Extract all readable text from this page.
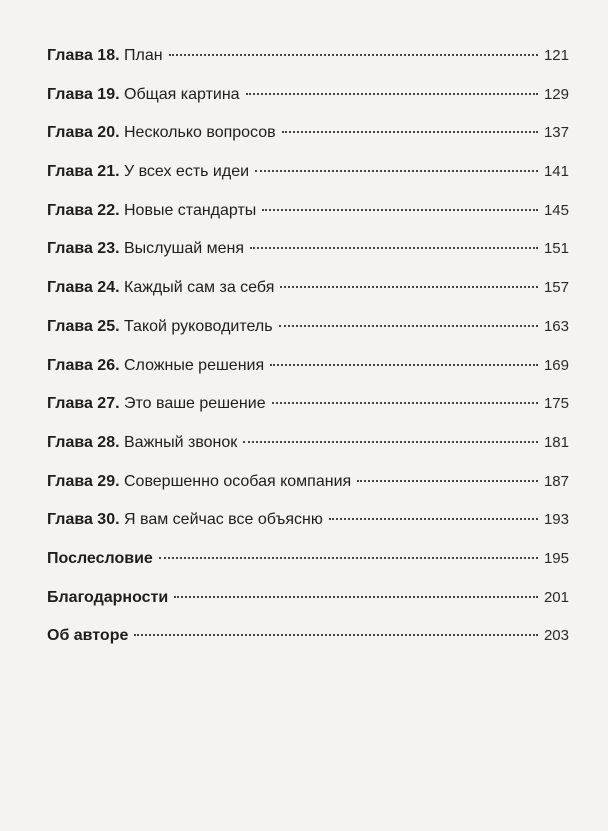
Глава 18. План	121
Глава 19. Общая картина	129
Глава 20. Несколько вопросов	137
Глава 21. У всех есть идеи	141
Глава 22. Новые стандарты	145
Глава 23. Выслушай меня	151
Глава 24. Каждый сам за себя	157
Глава 25. Такой руководитель	163
Глава 26. Сложные решения	169
Глава 27. Это ваше решение	175
Глава 28. Важный звонок	181
Глава 29. Совершенно особая компания	187
Глава 30. Я вам сейчас все объясню	193
Послесловие	195
Благодарности	201
Об авторе	203
